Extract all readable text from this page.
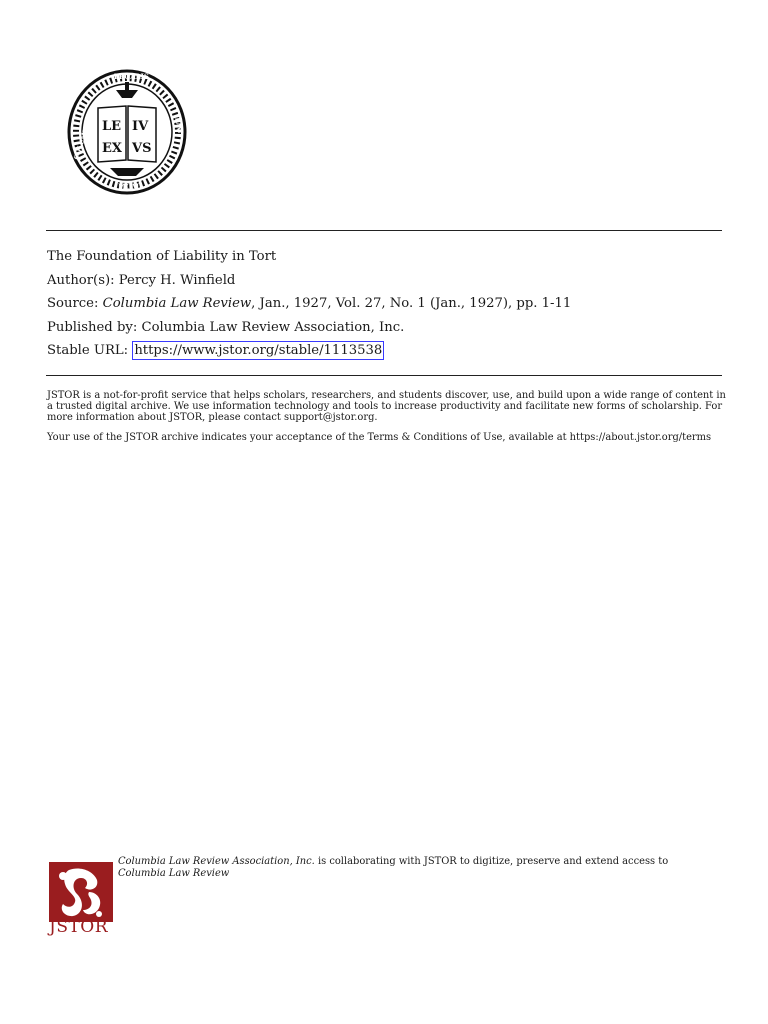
LE
EX
IV
VS
LEGALIS
COLUMBIA	LAW
MCM
The Foundation of Liability in Tort
Author(s): Percy H. Winfield
Source: Columbia Law Review, Jan., 1927, Vol. 27, No. 1 (Jan., 1927), pp. 1-11
Published by: Columbia Law Review Association, Inc.
Stable URL: https://www.jstor.org/stable/1113538

JSTOR is a not-for-profit service that helps scholars, researchers, and students discover, use, and build upon a wide range of content in a trusted digital archive. We use information technology and tools to increase productivity and facilitate new forms of scholarship. For more information about JSTOR, please contact support@jstor.org.

Your use of the JSTOR archive indicates your acceptance of the Terms & Conditions of Use, available at https://about.jstor.org/terms

JSTOR
Columbia Law Review Association, Inc. is collaborating with JSTOR to digitize, preserve and extend access to Columbia Law Review
